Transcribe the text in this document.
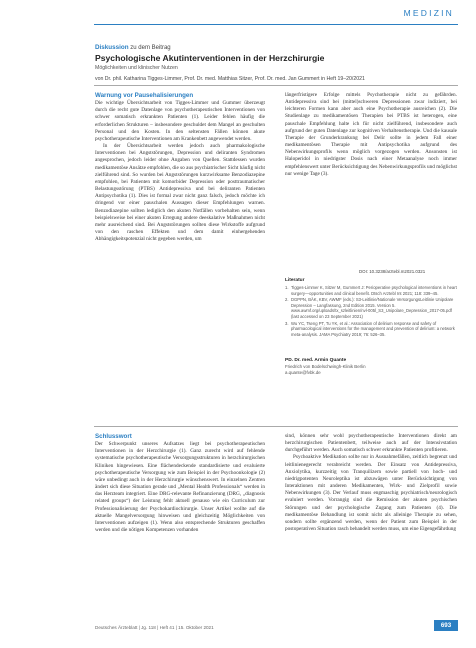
MEDIZIN
Diskussion zu dem Beitrag
Psychologische Akutinterventionen in der Herzchirurgie
Möglichkeiten und klinischer Nutzen
von Dr. phil. Katharina Tigges-Limmer, Prof. Dr. med. Matthias Sitzer, Prof. Dr. med. Jan Gummert in Heft 19–20/2021
Warnung vor Pausehalisierungen

Die wichtige Übersichtsarbeit von Tigges-Limmer und Gummer überzeugt durch die recht gute Datenlage von psychotherapeutischen Interventionen von schwer somatisch erkrankten Patienten (1). Leider fehlen häufig die erforderlichen Strukturen – insbesondere geschuldet dem Mangel an geschulten Personal und den Kosten. In den seltensten Fällen können akute psychotherapeutische Interventionen am Krankenbett angewendet werden.

In der Übersichtsarbeit werden jedoch auch pharmakologische Interventionen bei Angststörungen, Depression und deliranten Syndromen angesprochen, jedoch leider ohne Angaben von Quellen. Stattdessen wurden medikamentöse Ansätze empfohlen, die so aus psychiatrischer Sicht häufig nicht zielführend sind. So wurden bei Angststörungen kurzwirksame Benzodiazepine empfohlen, bei Patienten mit komorbider Depression oder posttraumatischer Belastungsstörung (PTBS) Antidepressiva und bei deliranten Patienten Antipsychotika (1). Dies ist formal zwar nicht ganz falsch, jedoch möchte ich dringend vor einer pauschalen Aussagen dieser Empfehlungen warnen. Benzodiazepine sollten lediglich den akuten Notfällen vorbehalten sein, wenn beispielsweise bei einer akuten Erregung andere deeskalative Maßnahmen nicht mehr ausreichend sind. Bei Angststörungen sollten diese Wirkstoffe aufgrund von den raschen Effekten und dem damit einhergehenden Abhängigkeitspotenzial nicht gegeben werden, um

längerfristigere Erfolge mittels Psychotherapie nicht zu gefährden. Antidepressiva sind bei (mittel)schweren Depressionen zwar indiziert, bei leichteren Formen kann aber auch eine Psychotherapie ausreichen (2). Die Studienlage zu medikamentösen Therapien bei PTBS ist heterogen, eine pauschale Empfehlung halte ich für nicht zielführend, insbesondere auch aufgrund der guten Datenlage zur kognitiven Verhaltenstherapie. Und die kausale Therapie der Grunderkrankung bei Delir sollte in jedem Fall einer medikamentösen Therapie mit Antipsychotika aufgrund des Nebenwirkungsprofils wenn möglich vorgezogen werden. Ansonsten ist Haloperidol in niedrigster Dosis nach einer Metaanalyse noch immer empfehlenswert unter Berücksichtigung des Nebenwirkungsprofils und möglichst nur wenige Tage (3).

DOI: 10.3238/arztebl.m2021.0321
Literatur
1. Tigges-Limmer K, Sitzer M, Gummert J: Perioperative psychological interventions in heart surgery—opportunities and clinical benefit. Dtsch Arztebl Int 2021; 118: 339–45.
2. DGPPN, BÄK, KBV, AWMF (eds.): S3-Leitlinie/Nationale VersorgungsLeitlinie Unipolare Depression – Langfassung, 2nd Edition 2015. Version 5. www.awmf.org/uploads/tx_szleitlinien/nvl-005l_S3_Unipolare_Depression_2017-05.pdf (last accessed on 23 September 2021)
3. Wu YC, Tseng PT, Tu YK, et al.: Association of delirium response and safety of pharmacological interventions for the management and prevention of delirium: a network meta-analysis. JAMA Psychiatry 2019; 76: 526–35.
PD. Dr. med. Armin Quante
Friedrich von Bodelschwingh-Klinik Berlin
a.quante@fvbk.de
Schlusswort

Der Schwerpunkt unseres Aufsatzes liegt bei psychotherapeutischen Interventionen in der Herzchirurgie (1). Ganz zurecht wird auf fehlende systematische psychotherapeutische Versorgungsstrukturen in herzchirurgischen Kliniken hingewiesen. Eine flächendeckende standardisierte und evaluierte psychotherapeutische Versorgung wie zum Beispiel in der Psychoonkologie (2) wäre unbedingt auch in der Herzchirurgie wünschenswert. In einzelnen Zentren ändert sich diese Situation gerade und „Mental Health Professionals“ werden in das Herzteam integriert. Eine DRG-relevante Refinanzierung (DRG, „diagnosis related groups“) der Leistung fehlt aktuell genauso wie ein Curriculum zur Professionalisierung der Psychokardiochirurgie. Unser Artikel wollte auf die aktuelle Mangelversorgung hinweisen und gleichzeitig Möglichkeiten von Interventionen aufzeigen (1). Wenn also entsprechende Strukturen geschaffen werden und die nötigen Kompetenzen vorhanden

sind, können sehr wohl psychotherapeutische Interventionen direkt am herzchirurgischen Patientenbett, teilweise auch auf der Intensivstation durchgeführt werden. Auch somatisch schwer erkrankte Patienten profitieren.

Psychoaktive Medikation sollte nur in Ausnahmefällen, zeitlich begrenzt und leitlinienegerecht verabreicht werden. Der Einsatz von Antidepressiva, Anxiolytika, kurzzeitig von Tranquilizern sowie partiell von hoch- und niedrigpotenten Neuroleptika ist abzuwägen unter Berücksichtigung von Interaktionen mit anderen Medikamenten, Wirk- und Zielprofil sowie Nebenwirkungen (3). Der Verlauf muss engmaschig psychiatrisch/neurologisch evaluiert werden. Vorrangig sind die Remission der akuten psychischen Störungen und der psychologische Zugang zum Patienten (4). Die medikamentöse Behandlung ist somit nicht als alleinige Therapie zu sehen, sondern sollte ergänzend werden, wenn der Patient zum Beispiel in der postoperativen Situation rasch behandelt werden muss, um eine Eigengefährdung

Deutsches Ärzteblatt | Jg. 118 | Heft 41 | 15. Oktober 2021	693
